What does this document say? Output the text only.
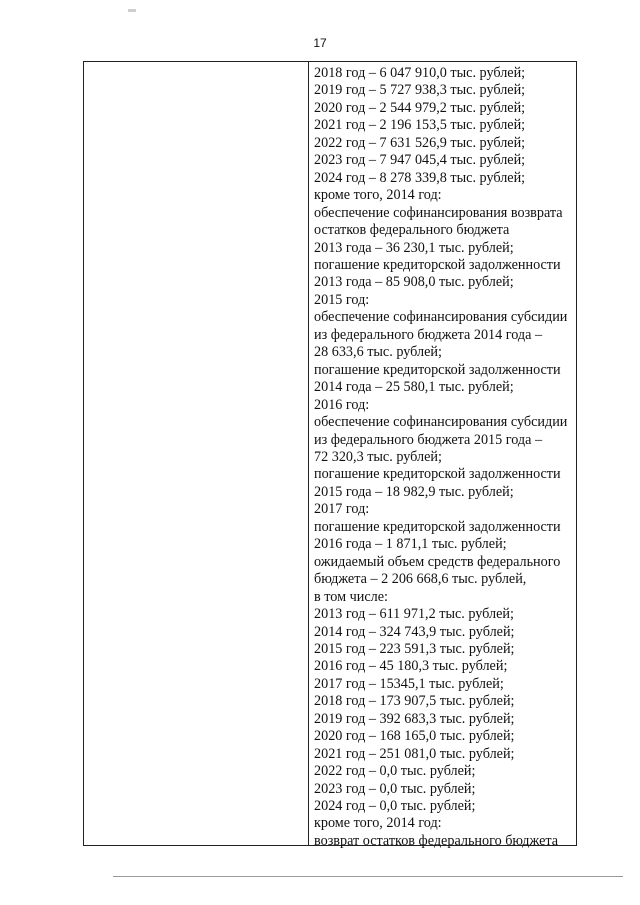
17
2018 год – 6 047 910,0 тыс. рублей;
2019 год – 5 727 938,3 тыс. рублей;
2020 год – 2 544 979,2 тыс. рублей;
2021 год – 2 196 153,5 тыс. рублей;
2022 год – 7 631 526,9 тыс. рублей;
2023 год – 7 947 045,4 тыс. рублей;
2024 год – 8 278 339,8 тыс. рублей;
кроме того, 2014 год:
обеспечение софинансирования возврата
остатков федерального бюджета
2013 года – 36 230,1 тыс. рублей;
погашение кредиторской задолженности
2013 года – 85 908,0 тыс. рублей;
2015 год:
обеспечение софинансирования субсидии
из федерального бюджета 2014 года –
28 633,6 тыс. рублей;
погашение кредиторской задолженности
2014 года – 25 580,1 тыс. рублей;
2016 год:
обеспечение софинансирования субсидии
из федерального бюджета 2015 года –
72 320,3 тыс. рублей;
погашение кредиторской задолженности
2015 года – 18 982,9 тыс. рублей;
2017 год:
погашение кредиторской задолженности
2016 года – 1 871,1 тыс. рублей;
ожидаемый объем средств федерального
бюджета – 2 206 668,6 тыс. рублей,
в том числе:
2013 год – 611 971,2 тыс. рублей;
2014 год – 324 743,9 тыс. рублей;
2015 год – 223 591,3 тыс. рублей;
2016 год – 45 180,3 тыс. рублей;
2017 год – 15345,1 тыс. рублей;
2018 год – 173 907,5 тыс. рублей;
2019 год – 392 683,3 тыс. рублей;
2020 год – 168 165,0 тыс. рублей;
2021 год – 251 081,0 тыс. рублей;
2022 год – 0,0 тыс. рублей;
2023 год – 0,0 тыс. рублей;
2024 год – 0,0 тыс. рублей;
кроме того, 2014 год:
возврат остатков федерального бюджета
